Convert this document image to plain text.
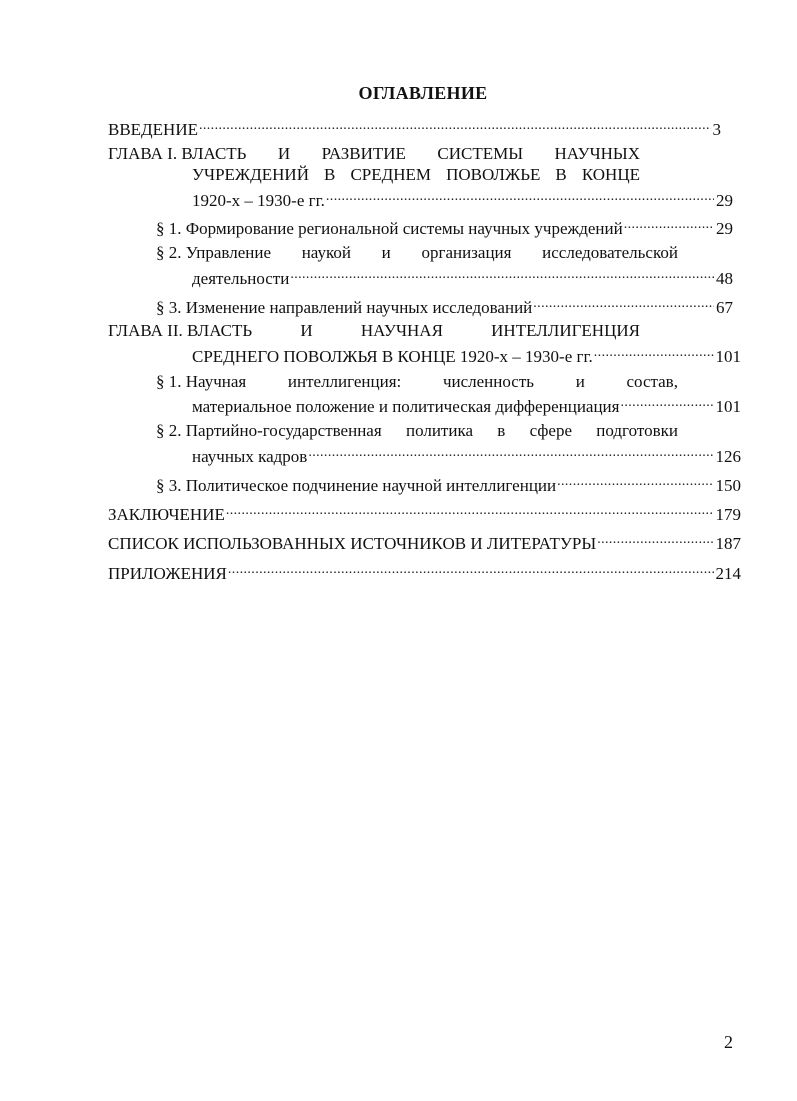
ОГЛАВЛЕНИЕ
ВВЕДЕНИЕ .....	3
ГЛАВА I. ВЛАСТЬ И РАЗВИТИЕ СИСТЕМЫ НАУЧНЫХ
УЧРЕЖДЕНИЙ В СРЕДНЕМ ПОВОЛЖЬЕ В КОНЦЕ
1920-х – 1930-е гг. .....	29
§ 1. Формирование региональной системы научных учреждений .....	29
§ 2. Управление наукой и организация исследовательской
деятельности .....	48
§ 3. Изменение направлений научных исследований .....	67
ГЛАВА II. ВЛАСТЬ	И	НАУЧНАЯ	ИНТЕЛЛИГЕНЦИЯ
СРЕДНЕГО ПОВОЛЖЬЯ В КОНЦЕ 1920-х – 1930-е гг. .....	101
§ 1. Научная интеллигенция: численность и состав,
материальное положение и политическая дифференциация .....	101
§ 2. Партийно-государственная политика в сфере подготовки
научных кадров .....	126
§ 3. Политическое подчинение научной интеллигенции .....	150
ЗАКЛЮЧЕНИЕ .....	179
СПИСОК ИСПОЛЬЗОВАННЫХ ИСТОЧНИКОВ И ЛИТЕРАТУРЫ .....	187
ПРИЛОЖЕНИЯ .....	214
2
